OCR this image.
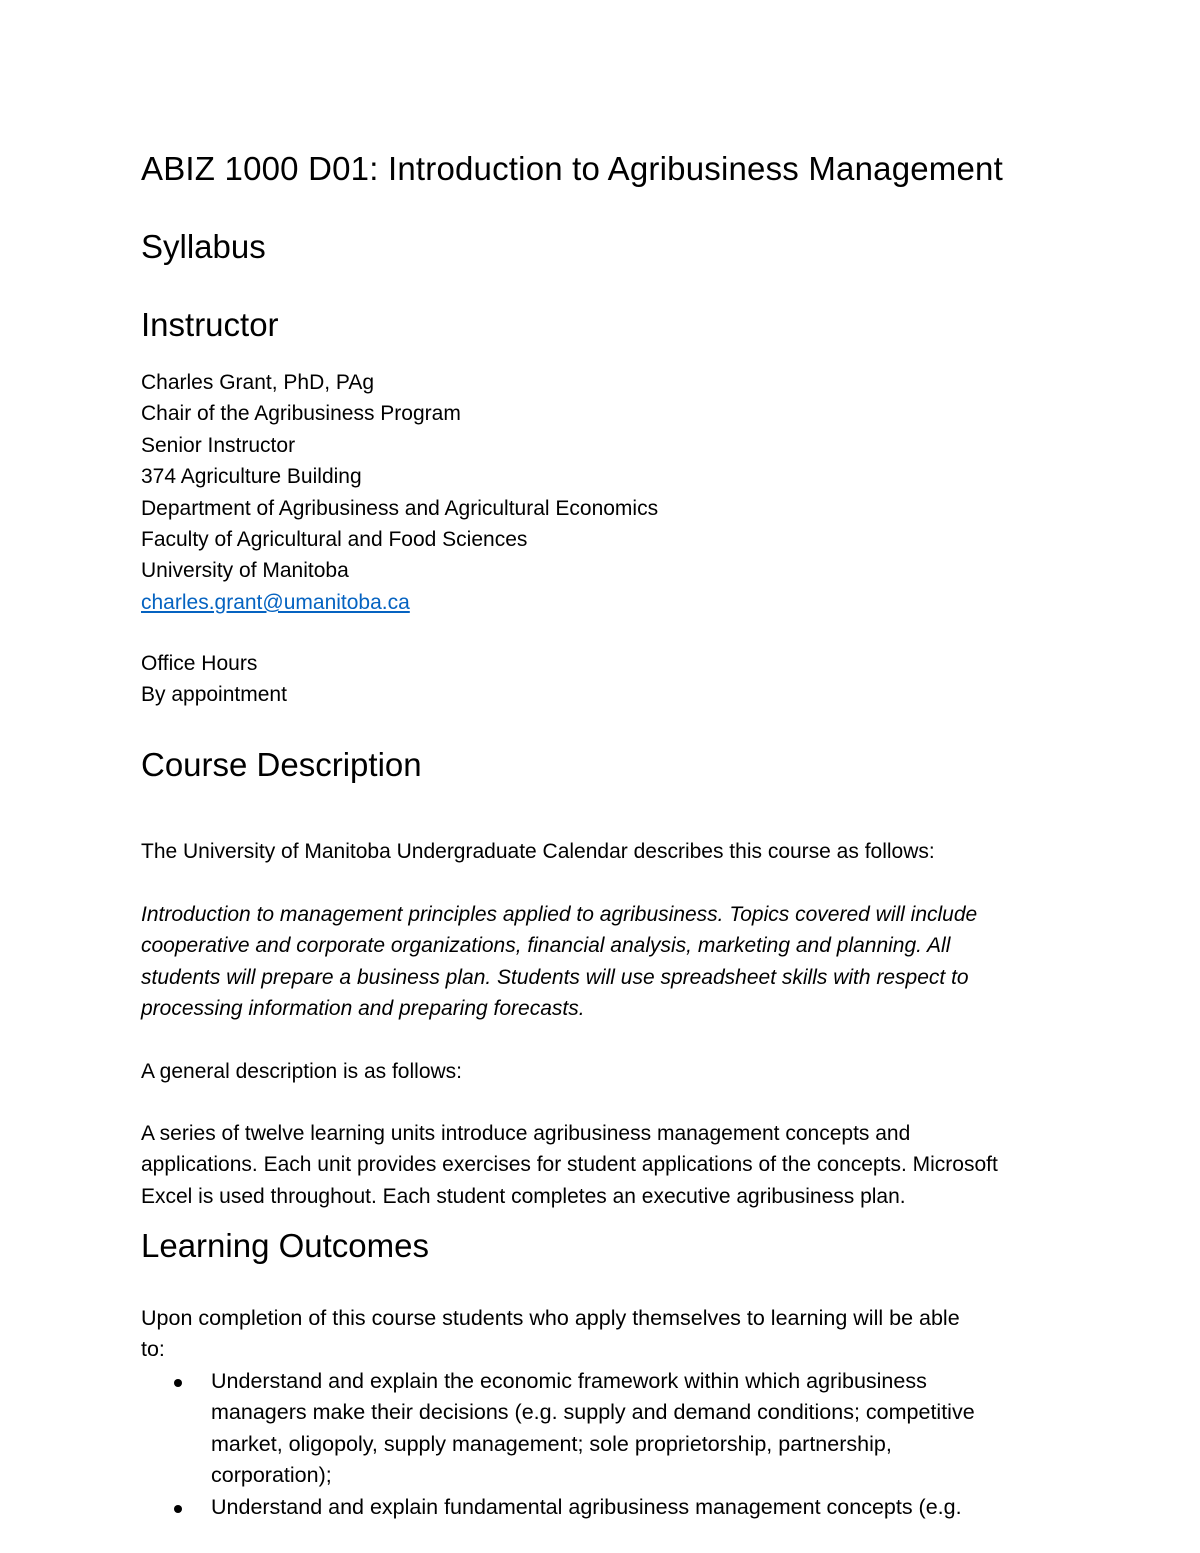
ABIZ 1000 D01: Introduction to Agribusiness Management
Syllabus
Instructor
Charles Grant, PhD, PAg
Chair of the Agribusiness Program
Senior Instructor
374 Agriculture Building
Department of Agribusiness and Agricultural Economics
Faculty of Agricultural and Food Sciences
University of Manitoba
charles.grant@umanitoba.ca
Office Hours
By appointment
Course Description

The University of Manitoba Undergraduate Calendar describes this course as follows:

Introduction to management principles applied to agribusiness. Topics covered will include
cooperative and corporate organizations, financial analysis, marketing and planning. All
students will prepare a business plan. Students will use spreadsheet skills with respect to
processing information and preparing forecasts.

A general description is as follows:

A series of twelve learning units introduce agribusiness management concepts and
applications. Each unit provides exercises for student applications of the concepts. Microsoft
Excel is used throughout. Each student completes an executive agribusiness plan.
Learning Outcomes
Upon completion of this course students who apply themselves to learning will be able
to:
Understand and explain the economic framework within which agribusiness
managers make their decisions (e.g. supply and demand conditions; competitive
market, oligopoly, supply management; sole proprietorship, partnership,
corporation);
Understand and explain fundamental agribusiness management concepts (e.g.
